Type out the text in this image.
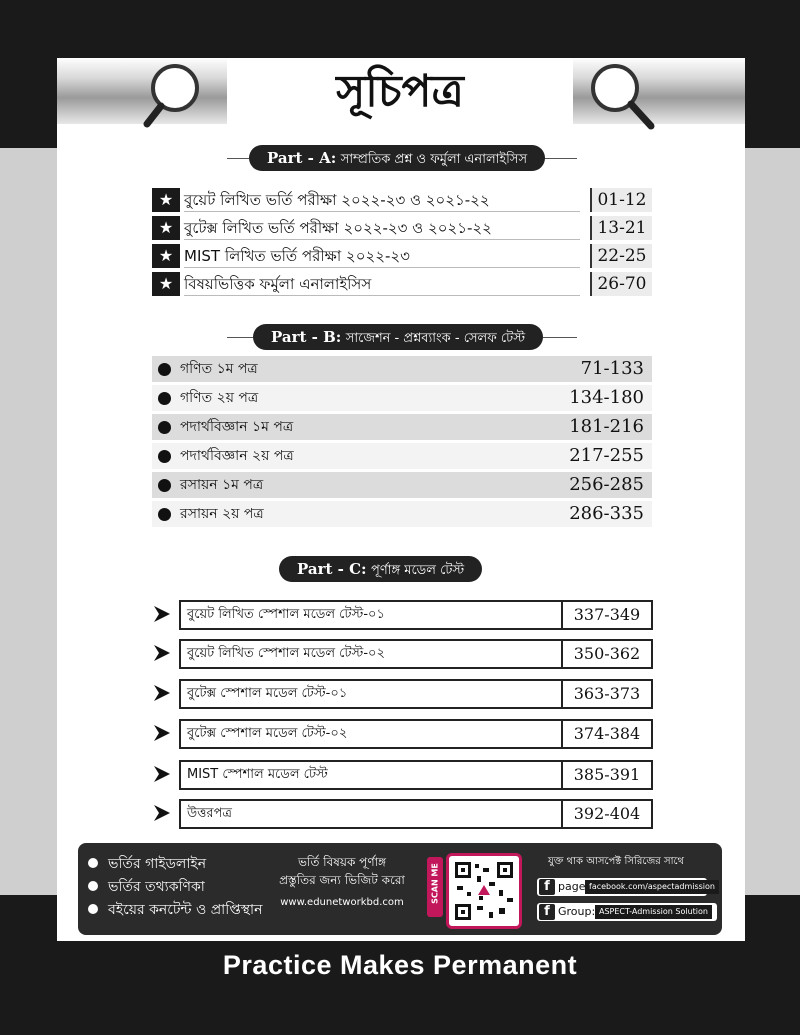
সূচিপত্র
Part - A: সাম্প্রতিক প্রশ্ন ও ফর্মুলা এনালাইসিস
★ বুয়েট লিখিত ভর্তি পরীক্ষা ২০২২-২৩ ও ২০২১-২২	01-12
★ বুটেক্স লিখিত ভর্তি পরীক্ষা ২০২২-২৩ ও ২০২১-২২	13-21
★ MIST লিখিত ভর্তি পরীক্ষা ২০২২-২৩	22-25
★ বিষয়ভিত্তিক ফর্মুলা এনালাইসিস	26-70
Part - B: সাজেশন - প্রশ্নব্যাংক - সেলফ টেস্ট
গণিত ১ম পত্র	71-133
গণিত ২য় পত্র	134-180
পদার্থবিজ্ঞান ১ম পত্র	181-216
পদার্থবিজ্ঞান ২য় পত্র	217-255
রসায়ন ১ম পত্র	256-285
রসায়ন ২য় পত্র	286-335
Part - C: পূর্ণাঙ্গ মডেল টেস্ট
বুয়েট লিখিত স্পেশাল মডেল টেস্ট-০১	337-349
বুয়েট লিখিত স্পেশাল মডেল টেস্ট-০২	350-362
বুটেক্স স্পেশাল মডেল টেস্ট-০১	363-373
বুটেক্স স্পেশাল মডেল টেস্ট-০২	374-384
MIST স্পেশাল মডেল টেস্ট	385-391
উত্তরপত্র	392-404
ভর্তির গাইডলাইন
ভর্তির তথ্যকণিকা
বইয়ের কনটেন্ট ও প্রাপ্তিস্থান
ভর্তি বিষয়ক পূর্ণাঙ্গ
প্রস্তুতির জন্য ভিজিট করো
www.edunetworkbd.com	SCAN ME
যুক্ত থাক আসপেক্ট সিরিজের সাথে
f page facebook.com/aspectadmission
f Group: ASPECT-Admission Solution
Practice Makes Permanent
